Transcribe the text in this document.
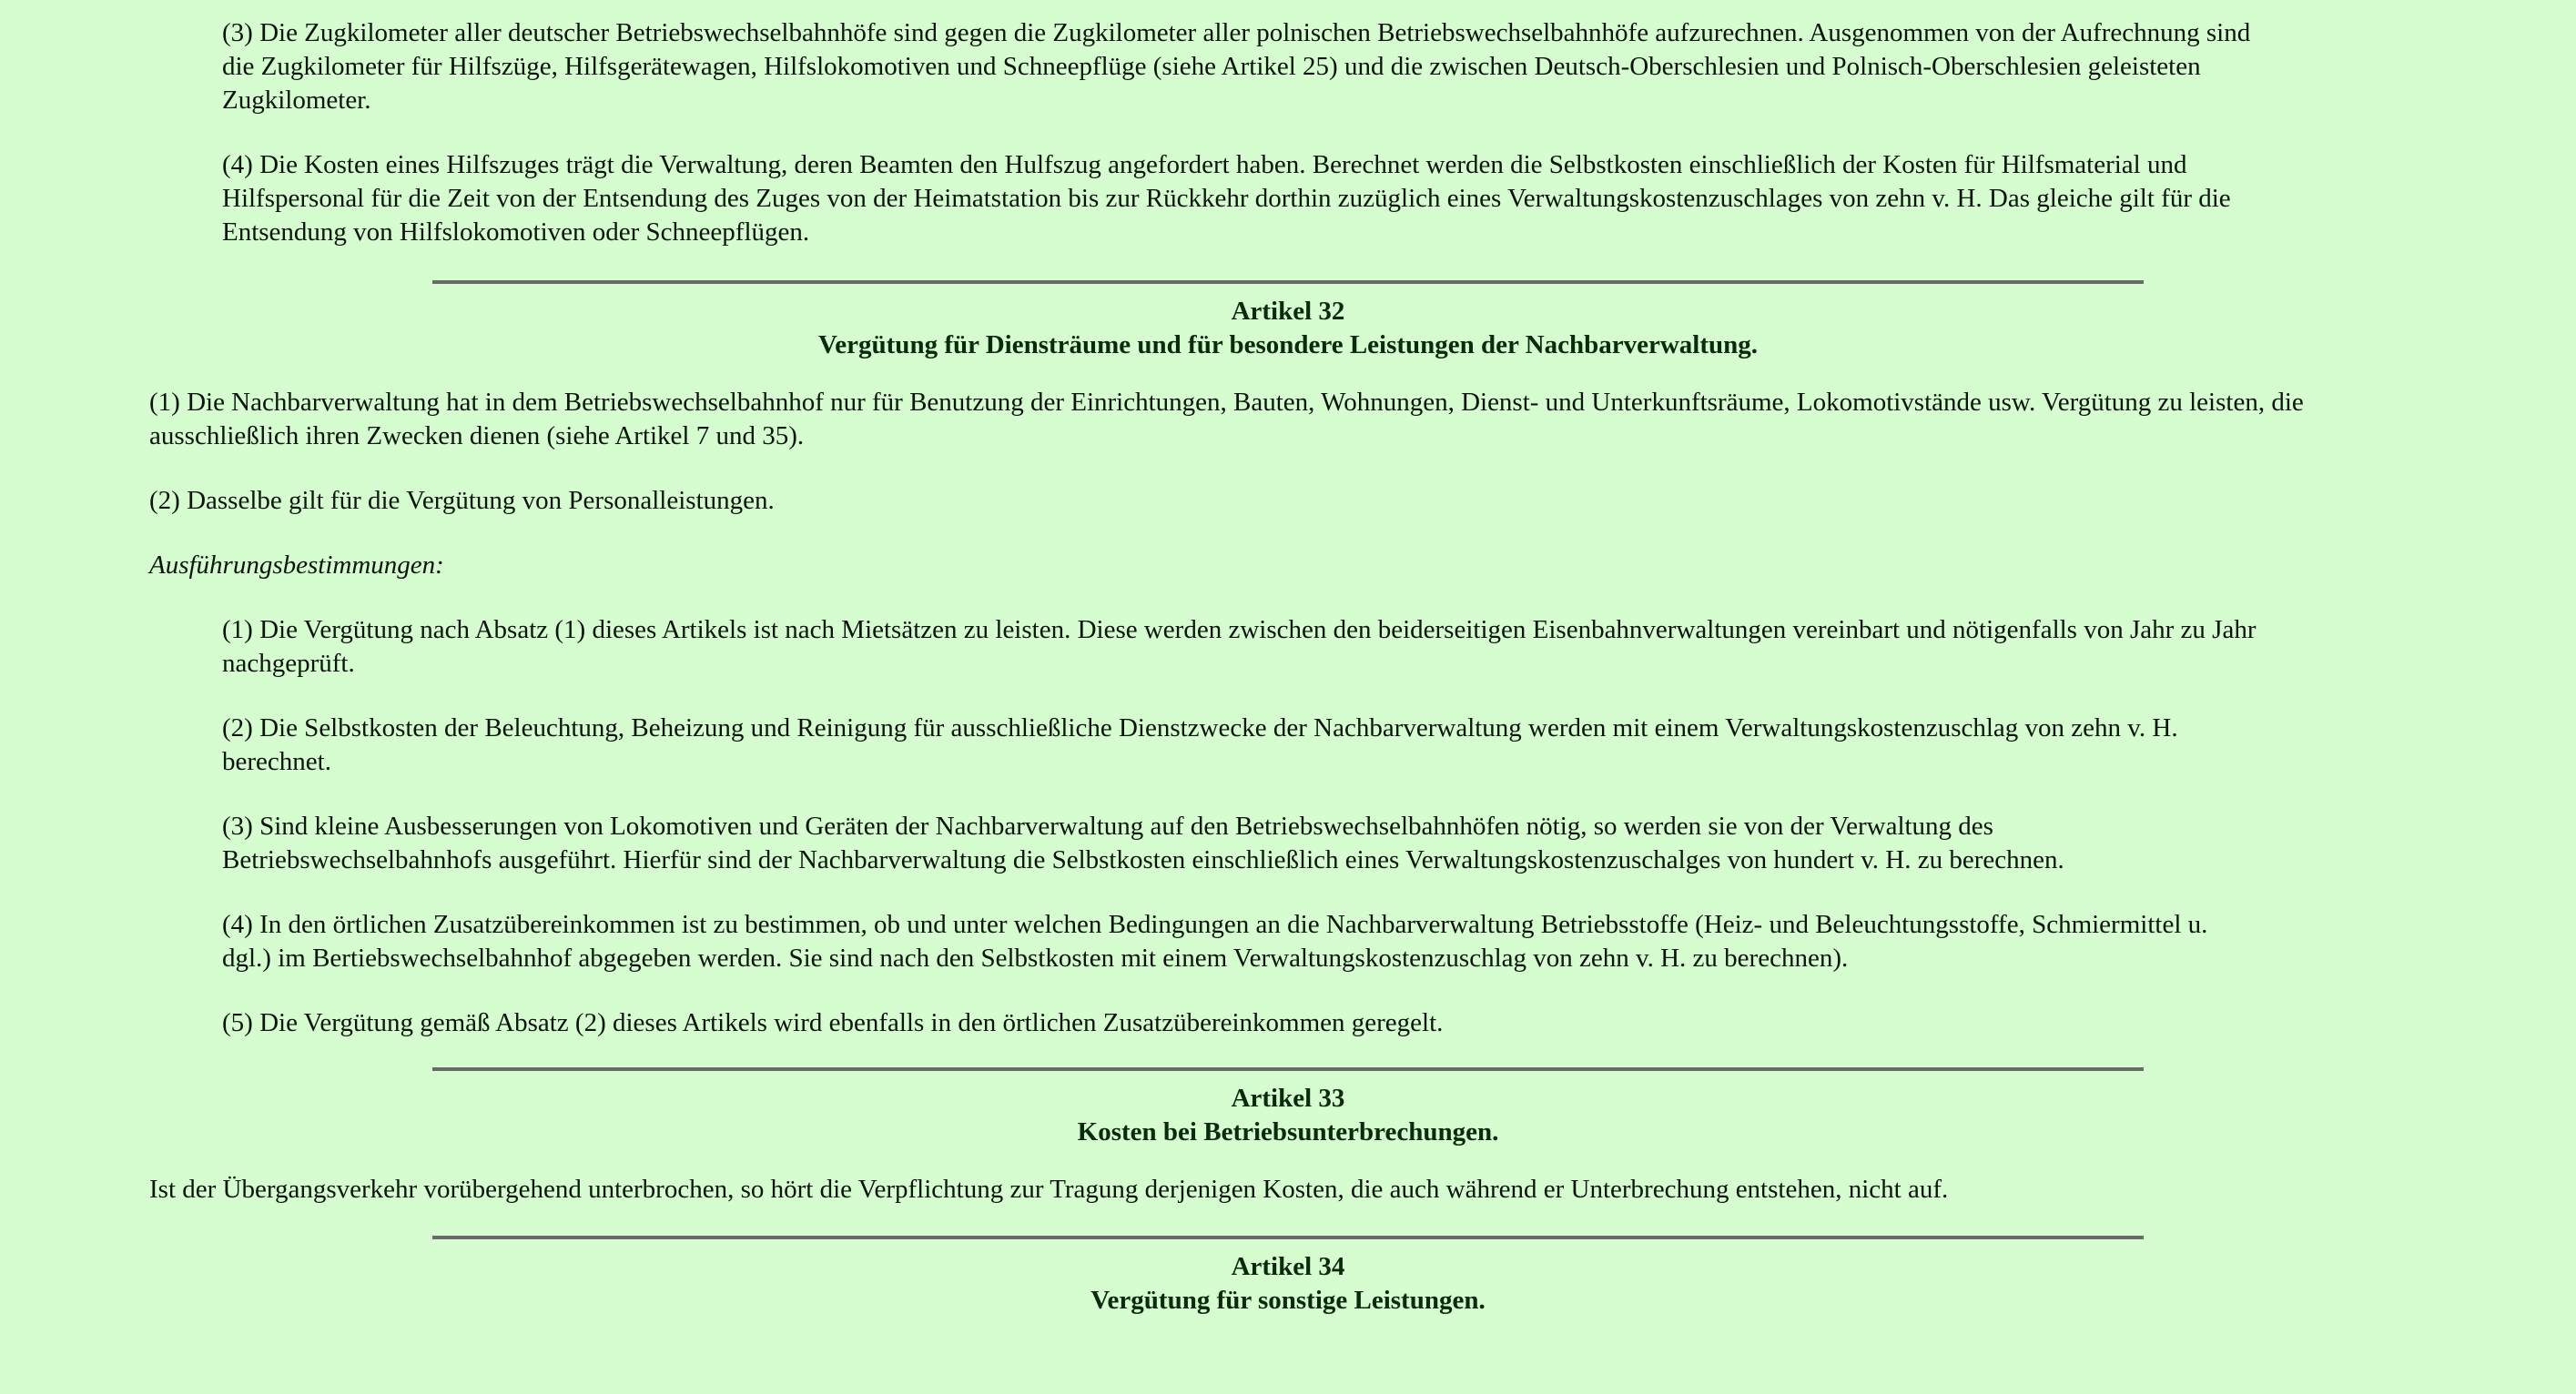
(3) Die Zugkilometer aller deutscher Betriebswechselbahnhöfe sind gegen die Zugkilometer aller polnischen Betriebswechselbahnhöfe aufzurechnen. Ausgenommen von der Aufrechnung sind die Zugkilometer für Hilfszüge, Hilfsgerätewagen, Hilfslokomotiven und Schneepflüge (siehe Artikel 25) und die zwischen Deutsch-Oberschlesien und Polnisch-Oberschlesien geleisteten Zugkilometer.

(4) Die Kosten eines Hilfszuges trägt die Verwaltung, deren Beamten den Hulfszug angefordert haben. Berechnet werden die Selbstkosten einschließlich der Kosten für Hilfsmaterial und Hilfspersonal für die Zeit von der Entsendung des Zuges von der Heimatstation bis zur Rückkehr dorthin zuzüglich eines Verwaltungskostenzuschlages von zehn v. H. Das gleiche gilt für die Entsendung von Hilfslokomotiven oder Schneepflügen.

Artikel 32
Vergütung für Diensträume und für besondere Leistungen der Nachbarverwaltung.

(1) Die Nachbarverwaltung hat in dem Betriebswechselbahnhof nur für Benutzung der Einrichtungen, Bauten, Wohnungen, Dienst- und Unterkunftsräume, Lokomotivstände usw. Vergütung zu leisten, die ausschließlich ihren Zwecken dienen (siehe Artikel 7 und 35).

(2) Dasselbe gilt für die Vergütung von Personalleistungen.

Ausführungsbestimmungen:

(1) Die Vergütung nach Absatz (1) dieses Artikels ist nach Mietsätzen zu leisten. Diese werden zwischen den beiderseitigen Eisenbahnverwaltungen vereinbart und nötigenfalls von Jahr zu Jahr nachgeprüft.

(2) Die Selbstkosten der Beleuchtung, Beheizung und Reinigung für ausschließliche Dienstzwecke der Nachbarverwaltung werden mit einem Verwaltungskostenzuschlag von zehn v. H. berechnet.

(3) Sind kleine Ausbesserungen von Lokomotiven und Geräten der Nachbarverwaltung auf den Betriebswechselbahnhöfen nötig, so werden sie von der Verwaltung des Betriebswechselbahnhofs ausgeführt. Hierfür sind der Nachbarverwaltung die Selbstkosten einschließlich eines Verwaltungskostenzuschalges von hundert v. H. zu berechnen.

(4) In den örtlichen Zusatzübereinkommen ist zu bestimmen, ob und unter welchen Bedingungen an die Nachbarverwaltung Betriebsstoffe (Heiz- und Beleuchtungsstoffe, Schmiermittel u. dgl.) im Bertiebswechselbahnhof abgegeben werden. Sie sind nach den Selbstkosten mit einem Verwaltungskostenzuschlag von zehn v. H. zu berechnen).

(5) Die Vergütung gemäß Absatz (2) dieses Artikels wird ebenfalls in den örtlichen Zusatzübereinkommen geregelt.

Artikel 33
Kosten bei Betriebsunterbrechungen.

Ist der Übergangsverkehr vorübergehend unterbrochen, so hört die Verpflichtung zur Tragung derjenigen Kosten, die auch während er Unterbrechung entstehen, nicht auf.

Artikel 34
Vergütung für sonstige Leistungen.
